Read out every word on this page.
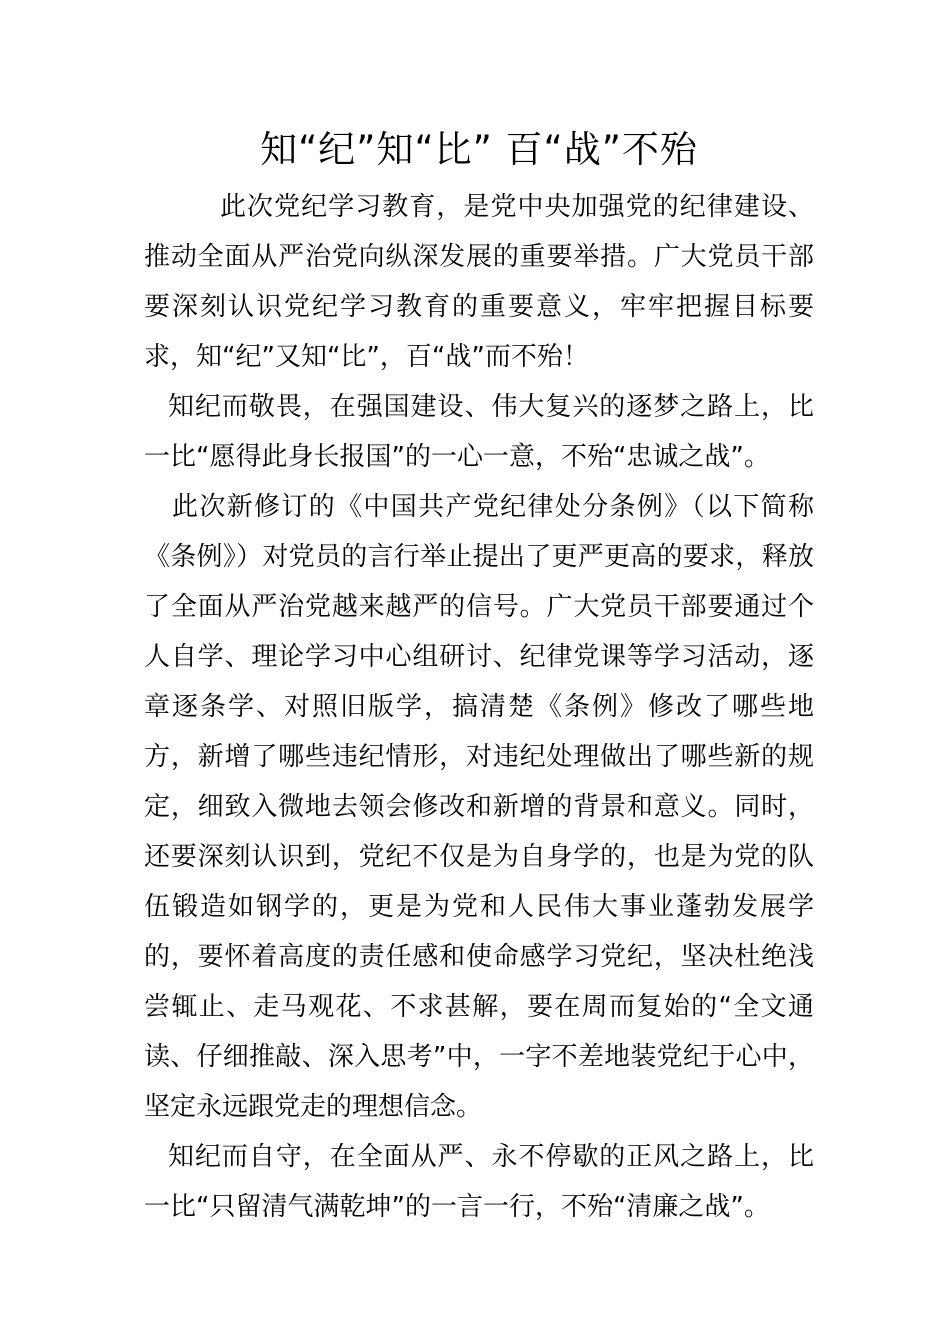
知“纪”知“比” 百“战”不殆

此次党纪学习教育，是党中央加强党的纪律建设、推动全面从严治党向纵深发展的重要举措。广大党员干部要深刻认识党纪学习教育的重要意义，牢牢把握目标要求，知“纪”又知“比”，百“战”而不殆！

知纪而敬畏，在强国建设、伟大复兴的逐梦之路上，比一比“愿得此身长报国”的一心一意，不殆“忠诚之战”。

此次新修订的《中国共产党纪律处分条例》（以下简称《条例》）对党员的言行举止提出了更严更高的要求，释放了全面从严治党越来越严的信号。广大党员干部要通过个人自学、理论学习中心组研讨、纪律党课等学习活动，逐章逐条学、对照旧版学，搞清楚《条例》修改了哪些地方，新增了哪些违纪情形，对违纪处理做出了哪些新的规定，细致入微地去领会修改和新增的背景和意义。同时，还要深刻认识到，党纪不仅是为自身学的，也是为党的队伍锻造如钢学的，更是为党和人民伟大事业蓬勃发展学的，要怀着高度的责任感和使命感学习党纪，坚决杜绝浅尝辄止、走马观花、不求甚解，要在周而复始的“全文通读、仔细推敲、深入思考”中，一字不差地装党纪于心中，坚定永远跟党走的理想信念。

知纪而自守，在全面从严、永不停歇的正风之路上，比一比“只留清气满乾坤”的一言一行，不殆“清廉之战”。
